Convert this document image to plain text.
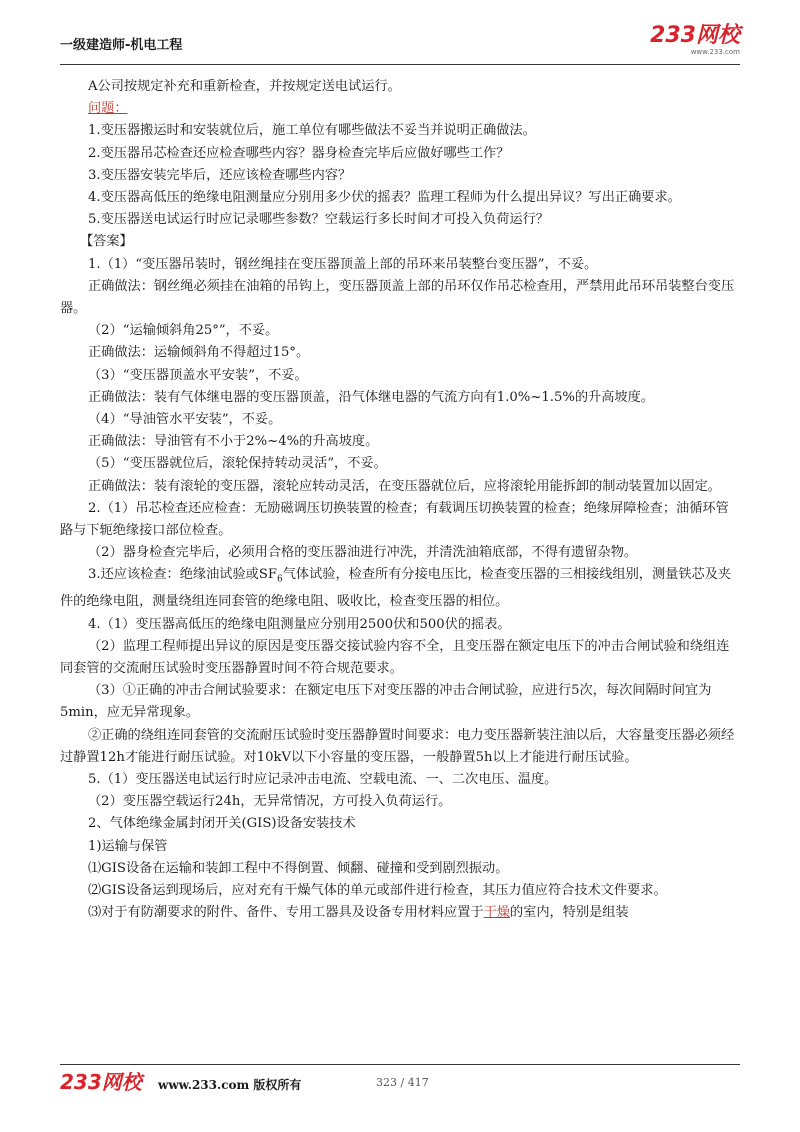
一级建造师-机电工程	233网校
www.233.com

A公司按规定补充和重新检查，并按规定送电试运行。

问题：

1.变压器搬运时和安装就位后，施工单位有哪些做法不妥当并说明正确做法。

2.变压器吊芯检查还应检查哪些内容？器身检查完毕后应做好哪些工作？

3.变压器安装完毕后，还应该检查哪些内容？

4.变压器高低压的绝缘电阻测量应分别用多少伏的摇表？监理工程师为什么提出异议？写出正确要求。

5.变压器送电试运行时应记录哪些参数？空载运行多长时间才可投入负荷运行？

【答案】

1.（1）“变压器吊装时，钢丝绳挂在变压器顶盖上部的吊环来吊装整台变压器”，不妥。

正确做法：钢丝绳必须挂在油箱的吊钩上，变压器顶盖上部的吊环仅作吊芯检查用，严禁用此吊环吊装整台变压器。

（2）“运输倾斜角25°”，不妥。

正确做法：运输倾斜角不得超过15°。

（3）“变压器顶盖水平安装”，不妥。

正确做法：装有气体继电器的变压器顶盖，沿气体继电器的气流方向有1.0%~1.5%的升高坡度。

（4）“导油管水平安装”，不妥。

正确做法：导油管有不小于2%~4%的升高坡度。

（5）“变压器就位后，滚轮保持转动灵活”，不妥。

正确做法：装有滚轮的变压器，滚轮应转动灵活，在变压器就位后，应将滚轮用能拆卸的制动装置加以固定。

2.（1）吊芯检查还应检查：无励磁调压切换装置的检查；有载调压切换装置的检查；绝缘屏障检查；油循环管路与下轭绝缘接口部位检查。

（2）器身检查完毕后，必须用合格的变压器油进行冲洗，并清洗油箱底部，不得有遗留杂物。

3.还应该检查：绝缘油试验或$SF_6$气体试验，检查所有分接电压比，检查变压器的三相接线组别，测量铁芯及夹件的绝缘电阻，测量绕组连同套管的绝缘电阻、吸收比，检查变压器的相位。

4.（1）变压器高低压的绝缘电阻测量应分别用2500伏和500伏的摇表。

（2）监理工程师提出异议的原因是变压器交接试验内容不全，且变压器在额定电压下的冲击合闸试验和绕组连同套管的交流耐压试验时变压器静置时间不符合规范要求。

（3）①正确的冲击合闸试验要求：在额定电压下对变压器的冲击合闸试验，应进行5次，每次间隔时间宜为5min，应无异常现象。

②正确的绕组连同套管的交流耐压试验时变压器静置时间要求：电力变压器新装注油以后，大容量变压器必须经过静置12h才能进行耐压试验。对10kV以下小容量的变压器，一般静置5h以上才能进行耐压试验。

5.（1）变压器送电试运行时应记录冲击电流、空载电流、一、二次电压、温度。

（2）变压器空载运行24h，无异常情况，方可投入负荷运行。

2、气体绝缘金属封闭开关(GIS)设备安装技术

1)运输与保管

⑴GIS设备在运输和装卸工程中不得倒置、倾翻、碰撞和受到剧烈振动。

⑵GIS设备运到现场后，应对充有干燥气体的单元或部件进行检查，其压力值应符合技术文件要求。

⑶对于有防潮要求的附件、备件、专用工器具及设备专用材料应置于干燥的室内，特别是组装

233网校 www.233.com 版权所有	323 / 417
